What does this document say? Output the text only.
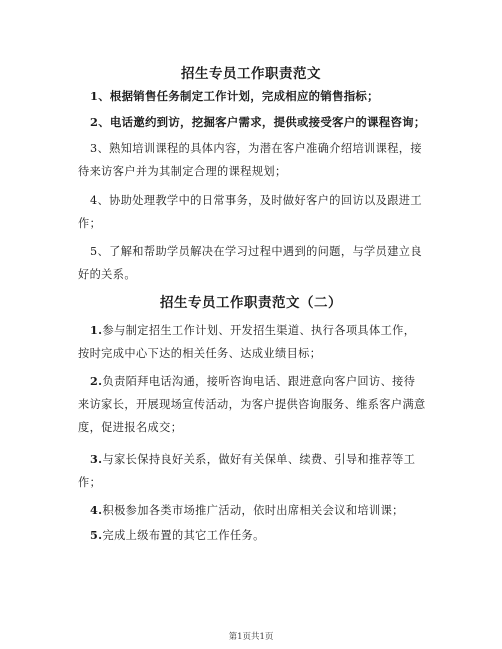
招生专员工作职责范文
1、根据销售任务制定工作计划，完成相应的销售指标；
2、电话邀约到访，挖掘客户需求，提供或接受客户的课程咨询；
3、熟知培训课程的具体内容，为潜在客户准确介绍培训课程，接待来访客户并为其制定合理的课程规划；
4、协助处理教学中的日常事务，及时做好客户的回访以及跟进工作；
5、了解和帮助学员解决在学习过程中遇到的问题，与学员建立良好的关系。
招生专员工作职责范文（二）
1.参与制定招生工作计划、开发招生渠道、执行各项具体工作，按时完成中心下达的相关任务、达成业绩目标；
2.负责陌拜电话沟通，接听咨询电话、跟进意向客户回访、接待来访家长，开展现场宣传活动，为客户提供咨询服务、维系客户满意度，促进报名成交；
3.与家长保持良好关系，做好有关保单、续费、引导和推荐等工作；
4.积极参加各类市场推广活动，依时出席相关会议和培训课；
5.完成上级布置的其它工作任务。
第1页共1页
